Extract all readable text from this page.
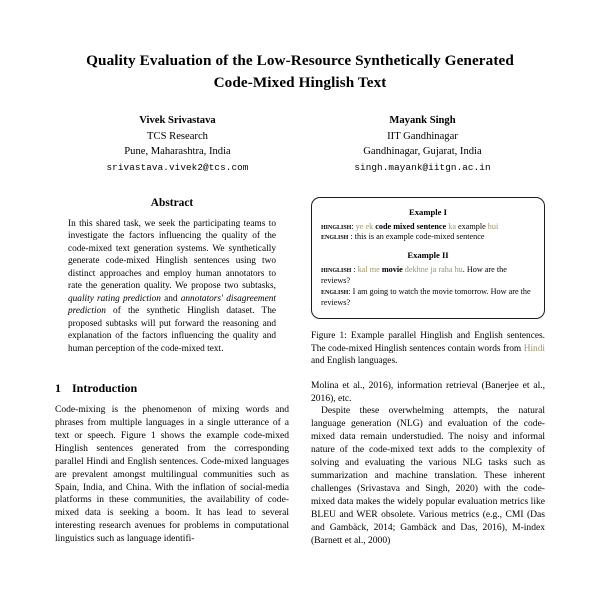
Quality Evaluation of the Low-Resource Synthetically Generated
Code-Mixed Hinglish Text
Vivek Srivastava
TCS Research
Pune, Maharashtra, India
srivastava.vivek2@tcs.com
Mayank Singh
IIT Gandhinagar
Gandhinagar, Gujarat, India
singh.mayank@iitgn.ac.in
Abstract

In this shared task, we seek the participating teams to investigate the factors influencing the quality of the code-mixed text generation systems. We synthetically generate code-mixed Hinglish sentences using two distinct approaches and employ human annotators to rate the generation quality. We propose two subtasks, quality rating prediction and annotators' disagreement prediction of the synthetic Hinglish dataset. The proposed subtasks will put forward the reasoning and explanation of the factors influencing the quality and human perception of the code-mixed text.

1 Introduction

Code-mixing is the phenomenon of mixing words and phrases from multiple languages in a single utterance of a text or speech. Figure 1 shows the example code-mixed Hinglish sentences generated from the corresponding parallel Hindi and English sentences. Code-mixed languages are prevalent amongst multilingual communities such as Spain, India, and China. With the inflation of social-media platforms in these communities, the availability of code-mixed data is seeking a boom. It has lead to several interesting research avenues for problems in computational linguistics such as language identifi-

Example I

hinglish: ye ek code mixed sentence ka example hui

english : this is an example code-mixed sentence

Example II

hinglish : kal me movie dekhne ja raha hu. How are the reviews?

english: I am going to watch the movie tomorrow. How are the reviews?

Figure 1: Example parallel Hinglish and English sentences. The code-mixed Hinglish sentences contain words from Hindi and English languages.

Molina et al., 2016), information retrieval (Banerjee et al., 2016), etc.

Despite these overwhelming attempts, the natural language generation (NLG) and evaluation of the code-mixed data remain understudied. The noisy and informal nature of the code-mixed text adds to the complexity of solving and evaluating the various NLG tasks such as summarization and machine translation. These inherent challenges (Srivastava and Singh, 2020) with the code-mixed data makes the widely popular evaluation metrics like BLEU and WER obsolete. Various metrics (e.g., CMI (Das and Gambäck, 2014; Gambäck and Das, 2016), M-index (Barnett et al., 2000)
